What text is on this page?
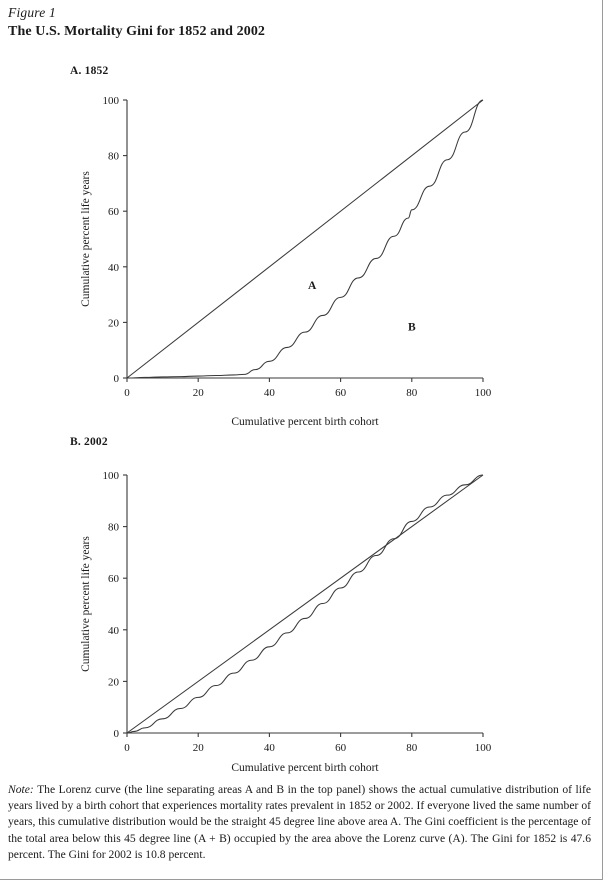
Figure 1
The U.S. Mortality Gini for 1852 and 2002
A. 1852
0
20
40
60
80
100
0	20	40	60	80	100
Cumulative percent life years	A
B
Cumulative percent birth cohort
B. 2002
0
20
40
60
80
100
0	20	40	60	80	100
Cumulative percent life years
Cumulative percent birth cohort
Note: The Lorenz curve (the line separating areas A and B in the top panel) shows the actual cumulative distribution of life years lived by a birth cohort that experiences mortality rates prevalent in 1852 or 2002. If everyone lived the same number of years, this cumulative distribution would be the straight 45 degree line above area A. The Gini coefficient is the percentage of the total area below this 45 degree line (A + B) occupied by the area above the Lorenz curve (A). The Gini for 1852 is 47.6 percent. The Gini for 2002 is 10.8 percent.
